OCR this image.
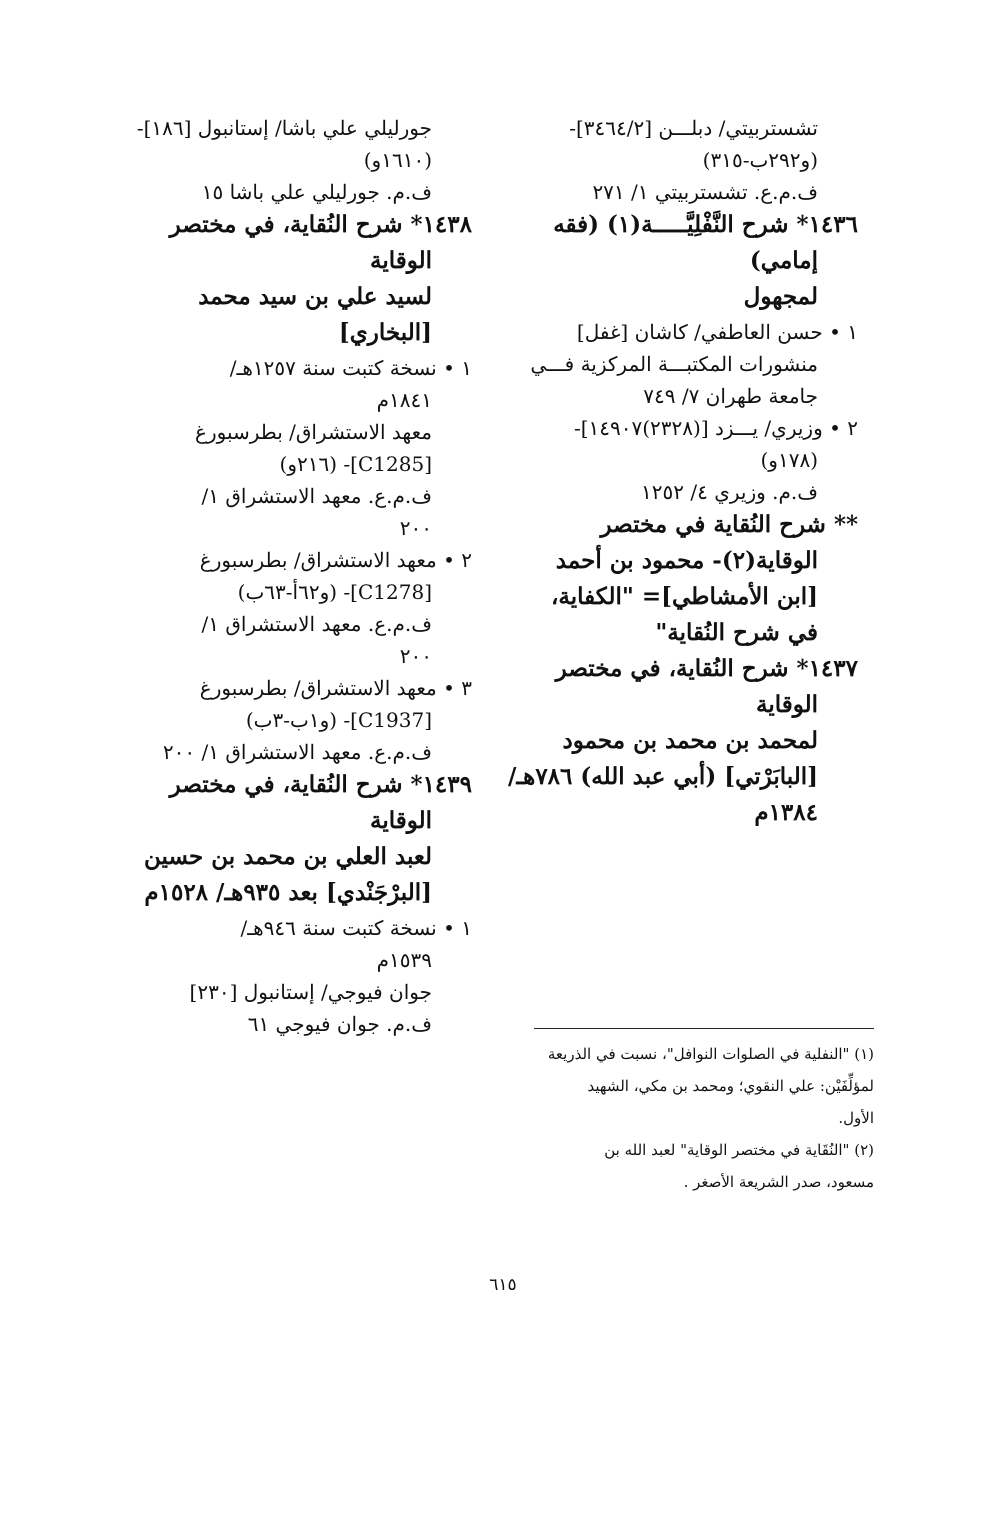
تشستربيتي/ دبلـــن [٣٤٦٤/٢]-
(و٢٩٢ب-٣١٥)
ف.م.ع. تشستربيتي ١/ ٢٧١
١٤٣٦* شرح النَّفْلِيَّـــــة(١) (فقه
إمامي)
لمجهول
١ • حسن العاطفي/ كاشان [غفل]
منشورات المكتبـــة المركزية فـــي
جامعة طهران ٧/ ٧٤٩
٢ • وزيري/ يـــزد [(٢٣٢٨)١٤٩٠٧]-
(١٧٨و)
ف.م. وزيري ٤/ ١٢٥٢
** شرح النُقاية في مختصر
الوقاية(٢)- محمود بن أحمد
[ابن الأمشاطي]= "الكفاية،
في شرح النُقاية"
١٤٣٧* شرح النُقاية، في مختصر
الوقاية
لمحمد بن محمد بن محمود
[البابَرْتي] (أبي عبد الله) ٧٨٦هـ/
١٣٨٤م
جورليلي علي باشا/ إستانبول [١٨٦]-
(١٦١٠و)
ف.م. جورليلي علي باشا ١٥
١٤٣٨* شرح النُقاية، في مختصر
الوقاية
لسيد علي بن سيد محمد
[البخاري]
١ • نسخة كتبت سنة ١٢٥٧هـ/
١٨٤١م
معهد الاستشراق/ بطرسبورغ
[C1285]- (٢١٦و)
ف.م.ع. معهد الاستشراق ١/
٢٠٠
٢ • معهد الاستشراق/ بطرسبورغ
[C1278]- (و٦٢أ-٦٣ب)
ف.م.ع. معهد الاستشراق ١/
٢٠٠
٣ • معهد الاستشراق/ بطرسبورغ
[C1937]- (و١ب-٣ب)
ف.م.ع. معهد الاستشراق ١/ ٢٠٠
١٤٣٩* شرح النُقاية، في مختصر
الوقاية
لعبد العلي بن محمد بن حسين
[البرْجَنْدي] بعد ٩٣٥هـ/ ١٥٢٨م
١ • نسخة كتبت سنة ٩٤٦هـ/
١٥٣٩م
جوان فيوجي/ إستانبول [٢٣٠]
ف.م. جوان فيوجي ٦١
(١) "النفلية في الصلوات النوافل"، نسبت في الذريعة
لمؤلِّفَيْن: علي النقوي؛ ومحمد بن مكي، الشهيد
الأول.
(٢) "النُقَاية في مختصر الوقاية" لعبد الله بن
مسعود، صدر الشريعة الأصغر .
٦١٥
